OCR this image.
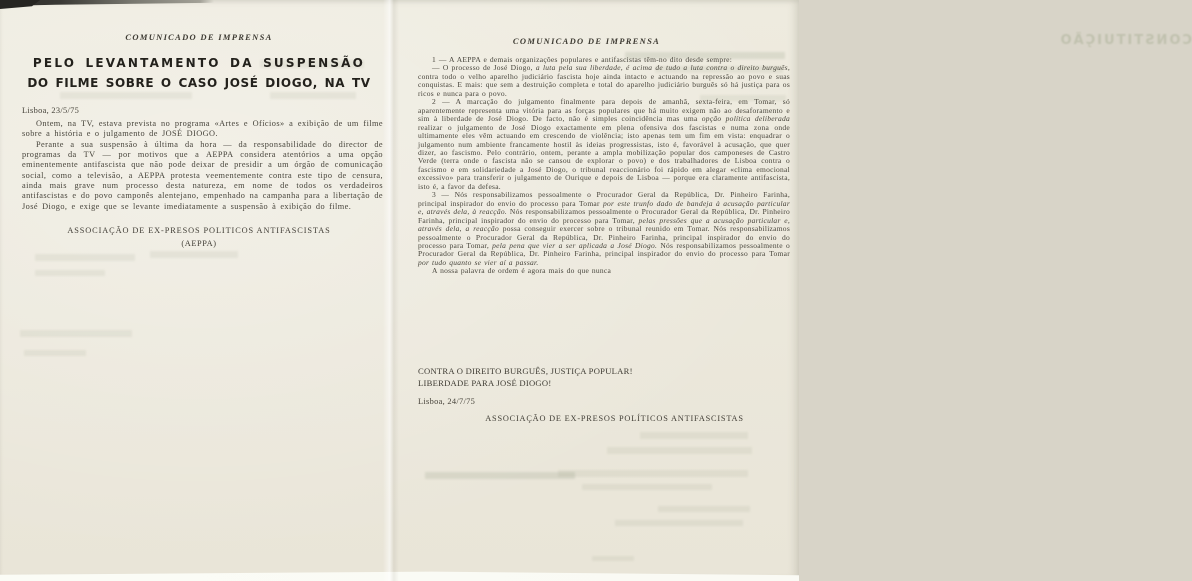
COMUNICADO DE IMPRENSA
PELO LEVANTAMENTO DA SUSPENSÃO
DO FILME SOBRE O CASO JOSÉ DIOGO, NA TV
Lisboa, 23/5/75

Ontem, na TV, estava prevista no programa «Artes e Ofícios» a exibição de um filme sobre a história e o julgamento de JOSÉ DIOGO.

Perante a sua suspensão à última da hora — da responsabilidade do director de programas da TV — por motivos que a AEPPA considera atentórios a uma opção eminentemente antifascista que não pode deixar de presidir a um órgão de comunicação social, como a televisão, a AEPPA protesta veementemente contra este tipo de censura, ainda mais grave num processo desta natureza, em nome de todos os verdadeiros antifascistas e do povo camponês alentejano, empenhado na campanha para a libertação de José Diogo, e exige que se levante imediatamente a suspensão à exibição do filme.

ASSOCIAÇÃO DE EX-PRESOS POLITICOS ANTIFASCISTAS
(AEPPA)
CONSTITUIÇÃO
COMUNICADO DE IMPRENSA

1 — A AEPPA e demais organizações populares e antifascistas têm-no dito desde sempre:

— O processo de José Diogo, a luta pela sua liberdade, é acima de tudo a luta contra o direito burguês, contra todo o velho aparelho judiciário fascista hoje ainda intacto e actuando na repressão ao povo e suas conquistas. E mais: que sem a destruição completa e total do aparelho judiciário burguês só há justiça para os ricos e nunca para o povo.

2 — A marcação do julgamento finalmente para depois de amanhã, sexta-feira, em Tomar, só aparentemente representa uma vitória para as forças populares que há muito exigem não ao desaforamento e sim à liberdade de José Diogo. De facto, não é simples coincidência mas uma opção política deliberada realizar o julgamento de José Diogo exactamente em plena ofensiva dos fascistas e numa zona onde ultimamente eles vêm actuando em crescendo de violência; isto apenas tem um fim em vista: enquadrar o julgamento num ambiente francamente hostil às ideias progressistas, isto é, favorável à acusação, que quer dizer, ao fascismo. Pelo contrário, ontem, perante a ampla mobilização popular dos camponeses de Castro Verde (terra onde o fascista não se cansou de explorar o povo) e dos trabalhadores de Lisboa contra o fascismo e em solidariedade a José Diogo, o tribunal reaccionário foi rápido em alegar «clima emocional excessivo» para transferir o julgamento de Ourique e depois de Lisboa — porque era claramente antifascista, isto é, a favor da defesa.

3 — Nós responsabilizamos pessoalmente o Procurador Geral da República, Dr. Pinheiro Farinha, principal inspirador do envio do processo para Tomar por este trunfo dado de bandeja à acusação particular e, através dela, à reacção. Nós responsabilizamos pessoalmente o Procurador Geral da República, Dr. Pinheiro Farinha, principal inspirador do envio do processo para Tomar, pelas pressões que a acusação particular e, através dela, a reacção possa conseguir exercer sobre o tribunal reunido em Tomar. Nós responsabilizamos pessoalmente o Procurador Geral da República, Dr. Pinheiro Farinha, principal inspirador do envio do processo para Tomar, pela pena que vier a ser aplicada a José Diogo. Nós responsabilizamos pessoalmente o Procurador Geral da República, Dr. Pinheiro Farinha, principal inspirador do envio do processo para Tomar por tudo quanto se vier aí a passar.

A nossa palavra de ordem é agora mais do que nunca

CONTRA O DIREITO BURGUÊS, JUSTIÇA POPULAR!
LIBERDADE PARA JOSÉ DIOGO!
Lisboa, 24/7/75
ASSOCIAÇÃO DE EX-PRESOS POLÍTICOS ANTIFASCISTAS
